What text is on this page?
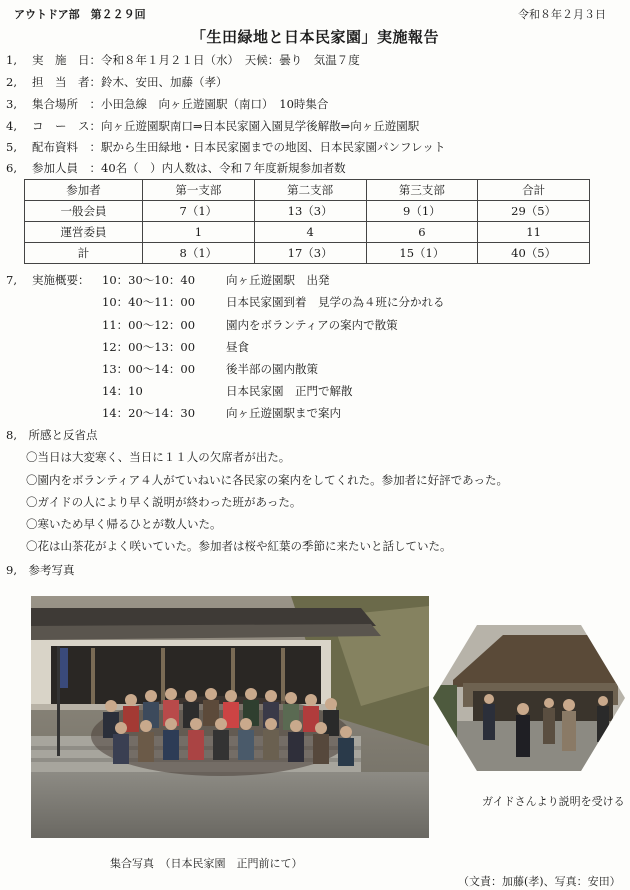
アウトドア部　第２２９回	令和８年２月３日
「生田緑地と日本民家園」実施報告
1, 実　施　日：令和８年１月２１日（水）　天候：曇り　気温７度
2, 担　当　者：鈴木、安田、加藤（孝）
3, 集合場所　：小田急線　向ヶ丘遊園駅（南口）　10時集合
4, コ　ー　ス：向ヶ丘遊園駅南口⇒日本民家園入園見学後解散⇒向ヶ丘遊園駅
5, 配布資料　：駅から生田緑地・日本民家園までの地図、日本民家園パンフレット
6, 参加人員　：40名（　）内人数は、令和７年度新規参加者数
参加者	第一支部	第二支部	第三支部	合計
一般会員	7（1）	13（3）	9（1）	29（5）
運営委員	1	4	6	11
計	8（1）	17（3）	15（1）	40（5）
7, 実施概要： 10：30～10：40	向ヶ丘遊園駅　出発
10：40～11：00	日本民家園到着　見学の為４班に分かれる
11：00～12：00	園内をボランティアの案内で散策
12：00～13：00	昼食
13：00～14：00	後半部の園内散策
14：10	日本民家園　正門で解散
14：20～14：30	向ヶ丘遊園駅まで案内
8,　所感と反省点
〇当日は大変寒く、当日に１１人の欠席者が出た。
〇園内をボランティア４人がていねいに各民家の案内をしてくれた。参加者に好評であった。
〇ガイドの人により早く説明が終わった班があった。
〇寒いため早く帰るひとが数人いた。
〇花は山茶花がよく咲いていた。参加者は桜や紅葉の季節に来たいと話していた。
9,　参考写真
ガイドさんより説明を受ける
集合写真　（日本民家園　正門前にて）
（文責：加藤(孝)、写真：安田）
